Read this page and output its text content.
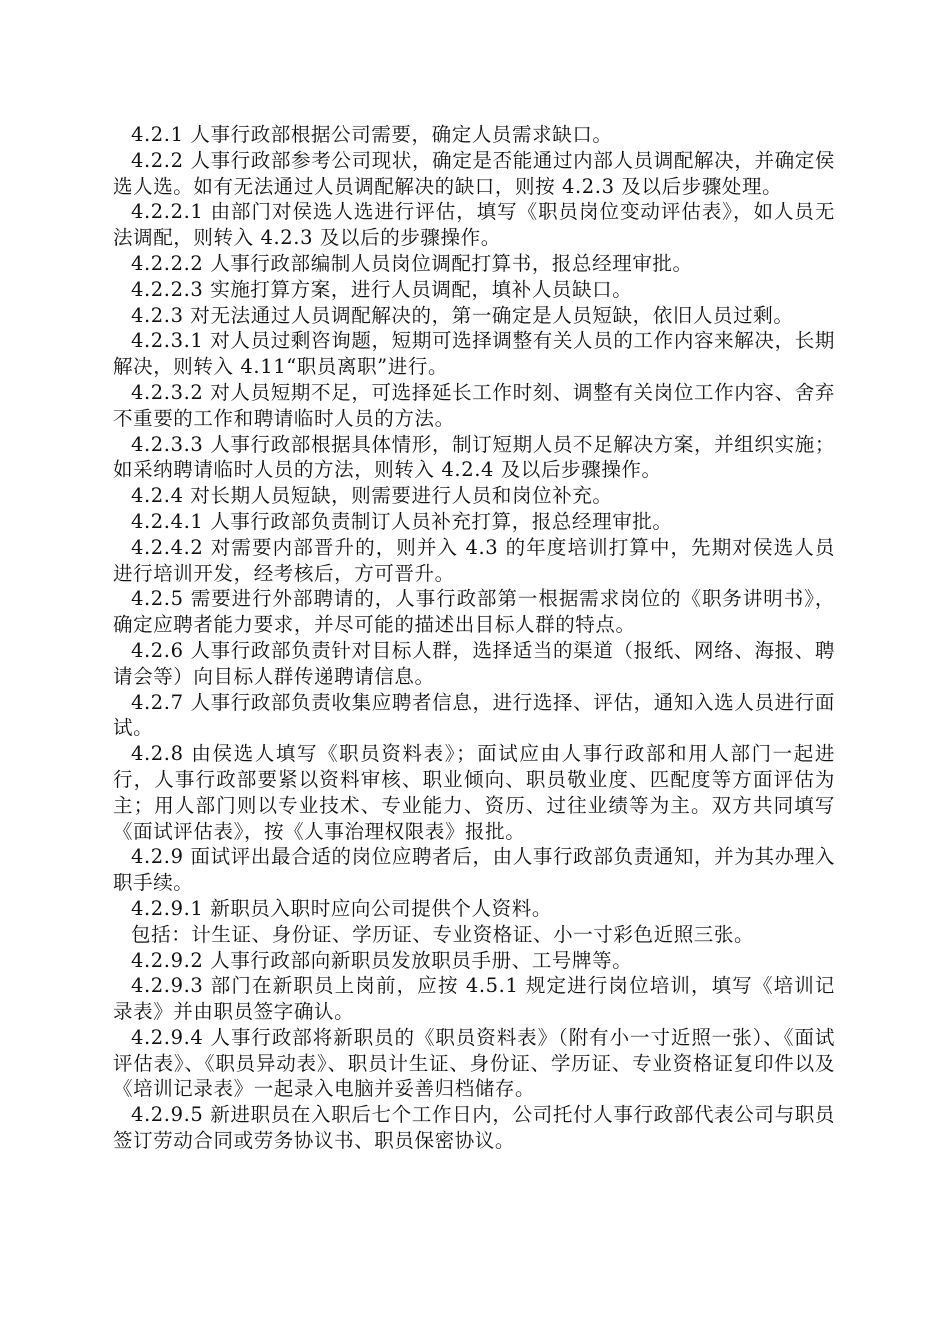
4.2.1 人事行政部根据公司需要，确定人员需求缺口。

4.2.2 人事行政部参考公司现状，确定是否能通过内部人员调配解决，并确定侯选人选。如有无法通过人员调配解决的缺口，则按 4.2.3 及以后步骤处理。

4.2.2.1 由部门对侯选人选进行评估，填写《职员岗位变动评估表》，如人员无法调配，则转入 4.2.3 及以后的步骤操作。

4.2.2.2 人事行政部编制人员岗位调配打算书，报总经理审批。

4.2.2.3 实施打算方案，进行人员调配，填补人员缺口。

4.2.3 对无法通过人员调配解决的，第一确定是人员短缺，依旧人员过剩。

4.2.3.1 对人员过剩咨询题，短期可选择调整有关人员的工作内容来解决，长期解决，则转入 4.11“职员离职”进行。

4.2.3.2 对人员短期不足，可选择延长工作时刻、调整有关岗位工作内容、舍弃不重要的工作和聘请临时人员的方法。

4.2.3.3 人事行政部根据具体情形，制订短期人员不足解决方案，并组织实施；如采纳聘请临时人员的方法，则转入 4.2.4 及以后步骤操作。

4.2.4 对长期人员短缺，则需要进行人员和岗位补充。

4.2.4.1 人事行政部负责制订人员补充打算，报总经理审批。

4.2.4.2 对需要内部晋升的，则并入 4.3 的年度培训打算中，先期对侯选人员进行培训开发，经考核后，方可晋升。

4.2.5 需要进行外部聘请的，人事行政部第一根据需求岗位的《职务讲明书》，确定应聘者能力要求，并尽可能的描述出目标人群的特点。

4.2.6 人事行政部负责针对目标人群，选择适当的渠道（报纸、网络、海报、聘请会等）向目标人群传递聘请信息。

4.2.7 人事行政部负责收集应聘者信息，进行选择、评估，通知入选人员进行面试。

4.2.8 由侯选人填写《职员资料表》；面试应由人事行政部和用人部门一起进行，人事行政部要紧以资料审核、职业倾向、职员敬业度、匹配度等方面评估为主；用人部门则以专业技术、专业能力、资历、过往业绩等为主。双方共同填写《面试评估表》，按《人事治理权限表》报批。

4.2.9 面试评出最合适的岗位应聘者后，由人事行政部负责通知，并为其办理入职手续。

4.2.9.1 新职员入职时应向公司提供个人资料。

包括：计生证、身份证、学历证、专业资格证、小一寸彩色近照三张。

4.2.9.2 人事行政部向新职员发放职员手册、工号牌等。

4.2.9.3 部门在新职员上岗前，应按 4.5.1 规定进行岗位培训，填写《培训记录表》并由职员签字确认。

4.2.9.4 人事行政部将新职员的《职员资料表》（附有小一寸近照一张）、《面试评估表》、《职员异动表》、职员计生证、身份证、学历证、专业资格证复印件以及《培训记录表》一起录入电脑并妥善归档储存。

4.2.9.5 新进职员在入职后七个工作日内，公司托付人事行政部代表公司与职员签订劳动合同或劳务协议书、职员保密协议。
